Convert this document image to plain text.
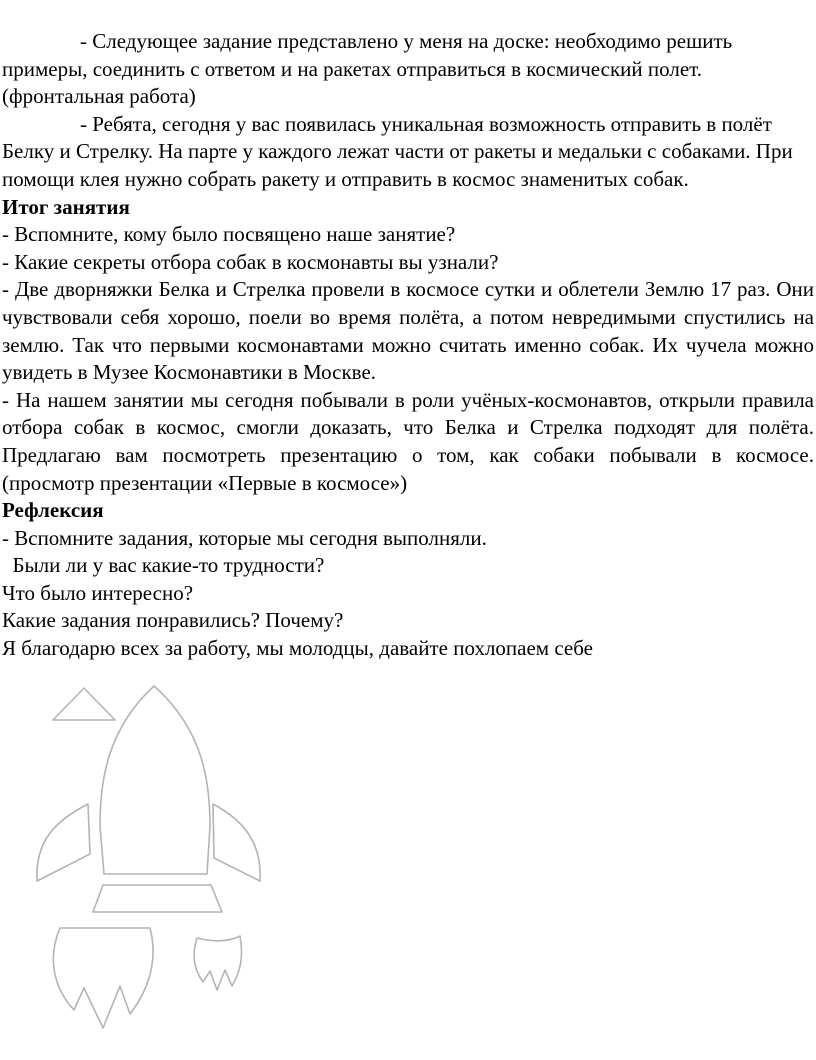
- Следующее задание представлено у меня на доске: необходимо решить примеры, соединить с ответом и на ракетах отправиться в космический полет. (фронтальная работа)

- Ребята, сегодня у вас появилась уникальная возможность отправить в полёт Белку и Стрелку. На парте у каждого лежат части от ракеты и медальки с собаками. При помощи клея нужно собрать ракету и отправить в космос знаменитых собак.

Итог занятия

- Вспомните, кому было посвящено наше занятие?

- Какие секреты отбора собак в космонавты вы узнали?

- Две дворняжки Белка и Стрелка провели в космосе сутки и облетели Землю 17 раз. Они чувствовали себя хорошо, поели во время полёта, а потом невредимыми спустились на землю. Так что первыми космонавтами можно считать именно собак. Их чучела можно увидеть в Музее Космонавтики в Москве.

- На нашем занятии мы сегодня побывали в роли учёных-космонавтов, открыли правила отбора собак в космос, смогли доказать, что Белка и Стрелка подходят для полёта. Предлагаю вам посмотреть презентацию о том, как собаки побывали в космосе. (просмотр презентации «Первые в космосе»)

Рефлексия

- Вспомните задания, которые мы сегодня выполняли.

Были ли у вас какие-то трудности?

Что было интересно?

Какие задания понравились? Почему?

Я благодарю всех за работу, мы молодцы, давайте похлопаем себе
